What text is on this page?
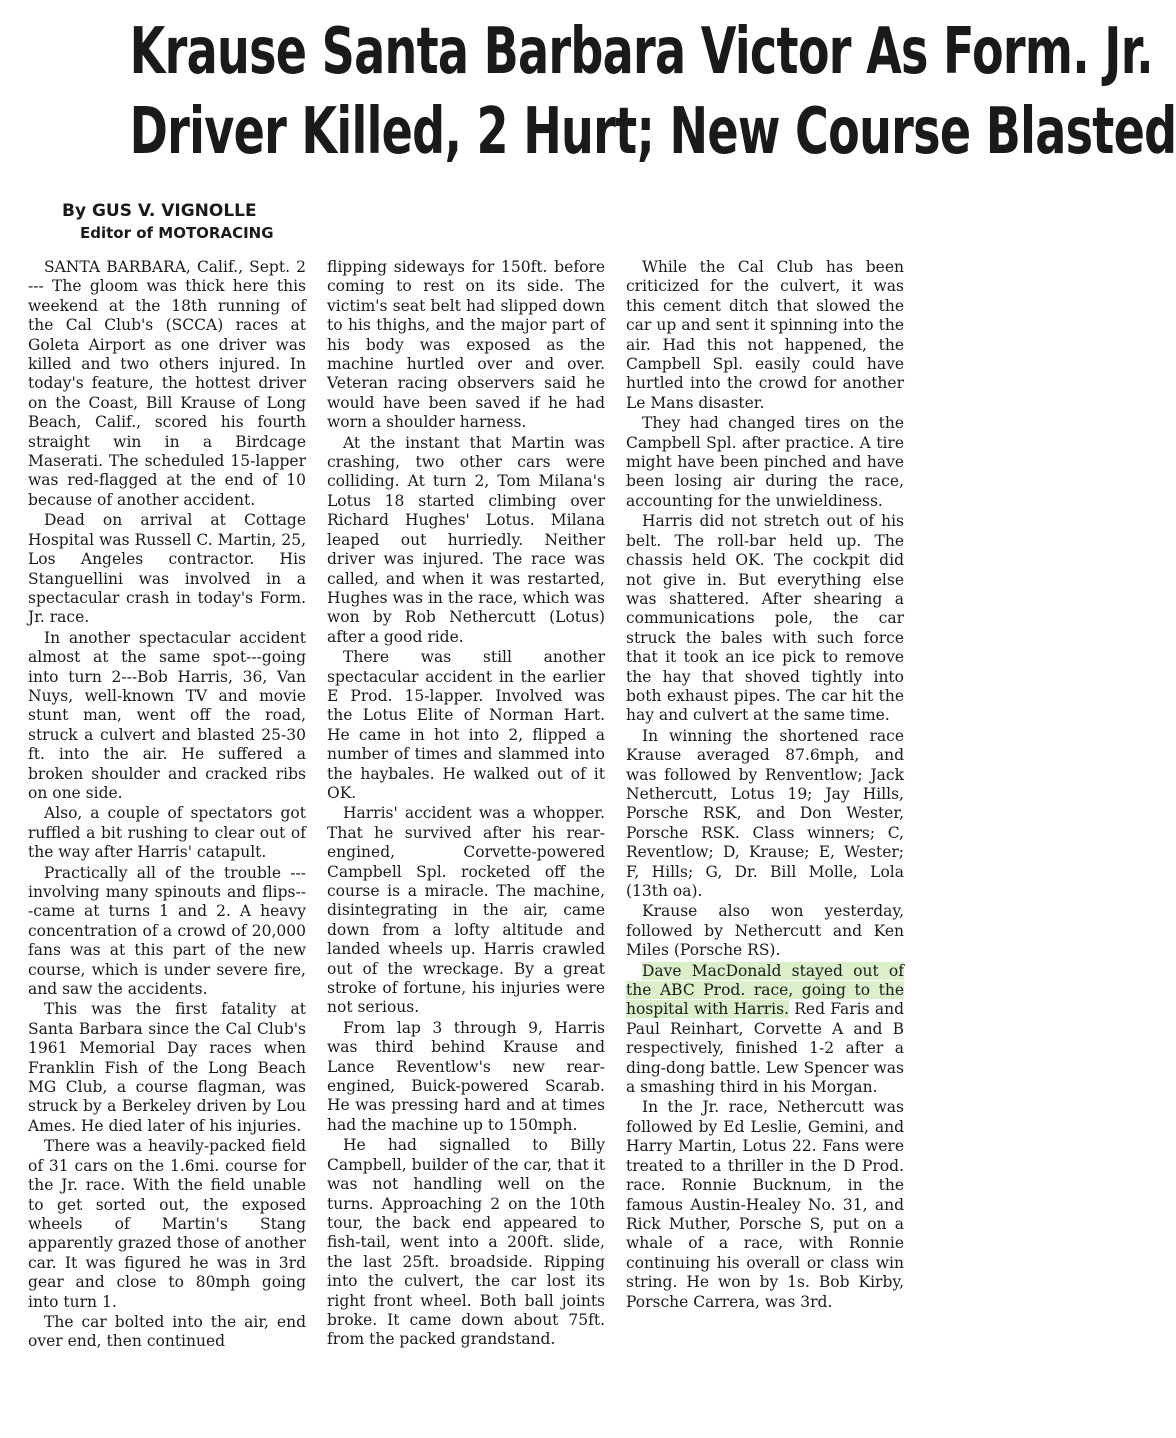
Krause Santa Barbara Victor As Form. Jr.
Driver Killed, 2 Hurt; New Course Blasted
By GUS V. VIGNOLLE
Editor of MOTORACING

SANTA BARBARA, Calif., Sept. 2 --- The gloom was thick here this weekend at the 18th running of the Cal Club's (SCCA) races at Goleta Airport as one driver was killed and two others injured. In today's feature, the hottest driver on the Coast, Bill Krause of Long Beach, Calif., scored his fourth straight win in a Birdcage Maserati. The scheduled 15-lapper was red-flagged at the end of 10 because of another accident.

Dead on arrival at Cottage Hospital was Russell C. Martin, 25, Los Angeles contractor. His Stanguellini was involved in a spectacular crash in today's Form. Jr. race.

In another spectacular accident almost at the same spot---going into turn 2---Bob Harris, 36, Van Nuys, well-known TV and movie stunt man, went off the road, struck a culvert and blasted 25-30 ft. into the air. He suffered a broken shoulder and cracked ribs on one side.

Also, a couple of spectators got ruffled a bit rushing to clear out of the way after Harris' catapult.

Practically all of the trouble ---involving many spinouts and flips---came at turns 1 and 2. A heavy concentration of a crowd of 20,000 fans was at this part of the new course, which is under severe fire, and saw the accidents.

This was the first fatality at Santa Barbara since the Cal Club's 1961 Memorial Day races when Franklin Fish of the Long Beach MG Club, a course flagman, was struck by a Berkeley driven by Lou Ames. He died later of his injuries.

There was a heavily-packed field of 31 cars on the 1.6mi. course for the Jr. race. With the field unable to get sorted out, the exposed wheels of Martin's Stang apparently grazed those of another car. It was figured he was in 3rd gear and close to 80mph going into turn 1.

The car bolted into the air, end over end, then continued

flipping sideways for 150ft. before coming to rest on its side. The victim's seat belt had slipped down to his thighs, and the major part of his body was exposed as the machine hurtled over and over. Veteran racing observers said he would have been saved if he had worn a shoulder harness.

At the instant that Martin was crashing, two other cars were colliding. At turn 2, Tom Milana's Lotus 18 started climbing over Richard Hughes' Lotus. Milana leaped out hurriedly. Neither driver was injured. The race was called, and when it was restarted, Hughes was in the race, which was won by Rob Nethercutt (Lotus) after a good ride.

There was still another spectacular accident in the earlier E Prod. 15-lapper. Involved was the Lotus Elite of Norman Hart. He came in hot into 2, flipped a number of times and slammed into the haybales. He walked out of it OK.

Harris' accident was a whopper. That he survived after his rear-engined, Corvette-powered Campbell Spl. rocketed off the course is a miracle. The machine, disintegrating in the air, came down from a lofty altitude and landed wheels up. Harris crawled out of the wreckage. By a great stroke of fortune, his injuries were not serious.

From lap 3 through 9, Harris was third behind Krause and Lance Reventlow's new rear-engined, Buick-powered Scarab. He was pressing hard and at times had the machine up to 150mph.

He had signalled to Billy Campbell, builder of the car, that it was not handling well on the turns. Approaching 2 on the 10th tour, the back end appeared to fish-tail, went into a 200ft. slide, the last 25ft. broadside. Ripping into the culvert, the car lost its right front wheel. Both ball joints broke. It came down about 75ft. from the packed grandstand.

While the Cal Club has been criticized for the culvert, it was this cement ditch that slowed the car up and sent it spinning into the air. Had this not happened, the Campbell Spl. easily could have hurtled into the crowd for another Le Mans disaster.

They had changed tires on the Campbell Spl. after practice. A tire might have been pinched and have been losing air during the race, accounting for the unwieldiness.

Harris did not stretch out of his belt. The roll-bar held up. The chassis held OK. The cockpit did not give in. But everything else was shattered. After shearing a communications pole, the car struck the bales with such force that it took an ice pick to remove the hay that shoved tightly into both exhaust pipes. The car hit the hay and culvert at the same time.

In winning the shortened race Krause averaged 87.6mph, and was followed by Renventlow; Jack Nethercutt, Lotus 19; Jay Hills, Porsche RSK, and Don Wester, Porsche RSK. Class winners; C, Reventlow; D, Krause; E, Wester; F, Hills; G, Dr. Bill Molle, Lola (13th oa).

Krause also won yesterday, followed by Nethercutt and Ken Miles (Porsche RS).

Dave MacDonald stayed out of the ABC Prod. race, going to the hospital with Harris. Red Faris and Paul Reinhart, Corvette A and B respectively, finished 1-2 after a ding-dong battle. Lew Spencer was a smashing third in his Morgan.

In the Jr. race, Nethercutt was followed by Ed Leslie, Gemini, and Harry Martin, Lotus 22. Fans were treated to a thriller in the D Prod. race. Ronnie Bucknum, in the famous Austin-Healey No. 31, and Rick Muther, Porsche S, put on a whale of a race, with Ronnie continuing his overall or class win string. He won by 1s. Bob Kirby, Porsche Carrera, was 3rd.
